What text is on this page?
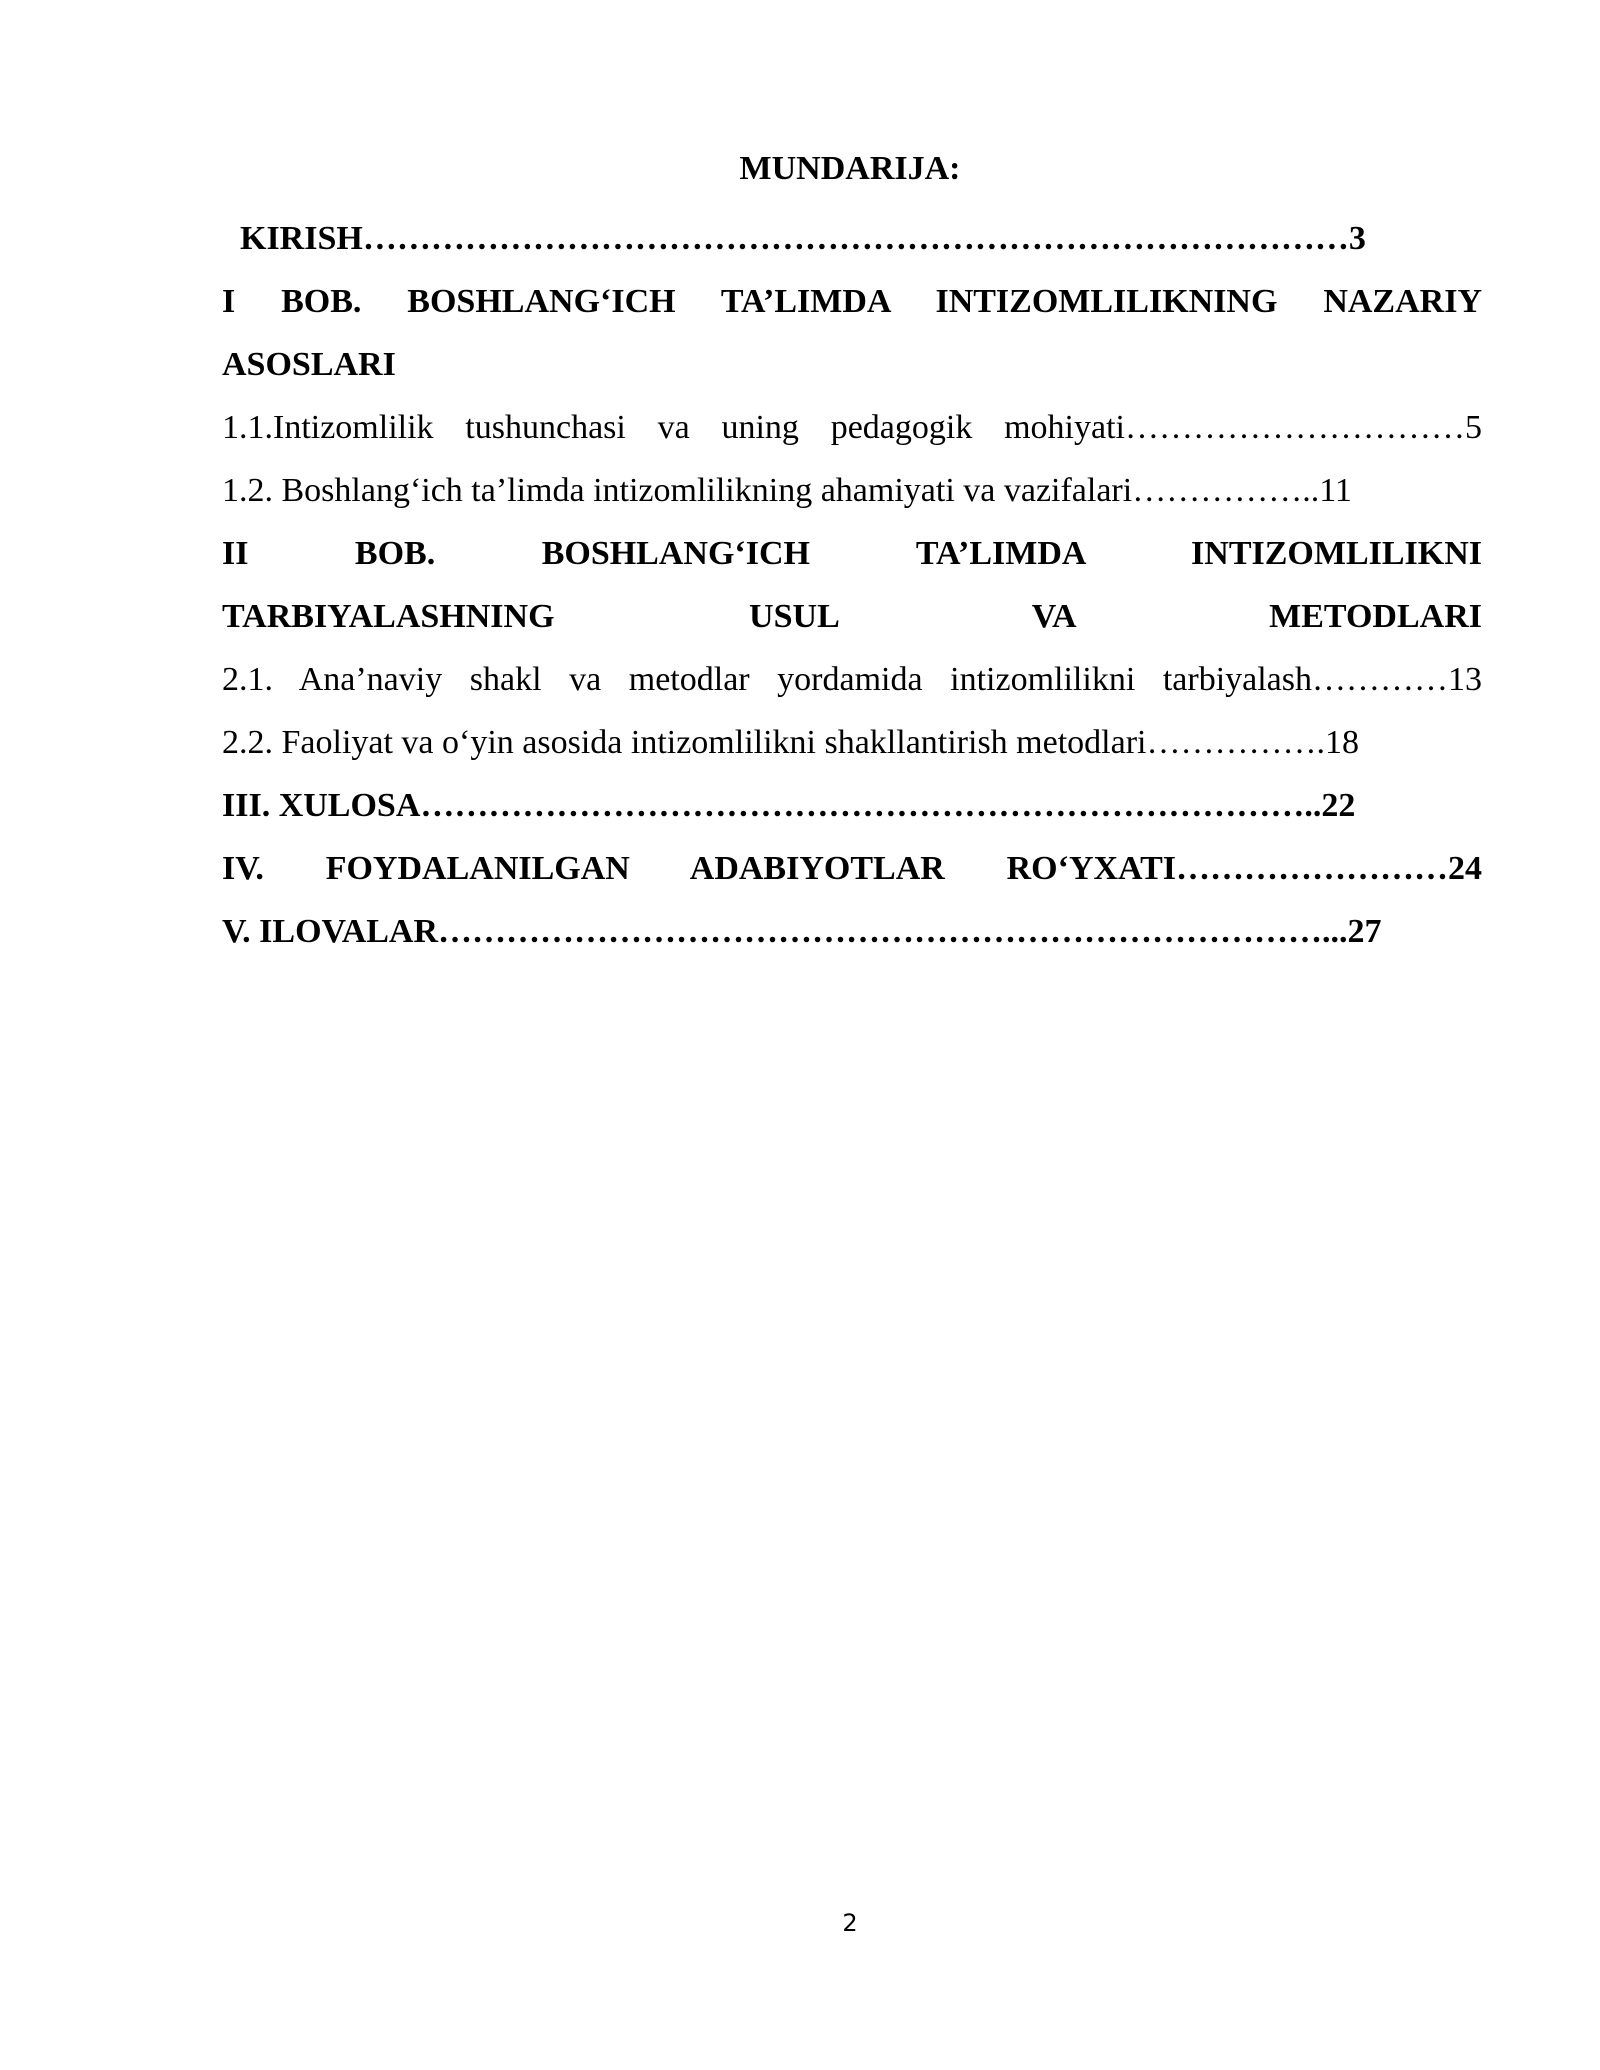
MUNDARIJA:
KIRISH……………………………………………………………………………3
I BOB. BOSHLANG‘ICH TA’LIMDA INTIZOMLILIKNING NAZARIY
ASOSLARI
1.1.Intizomlilik tushunchasi va uning pedagogik mohiyati…………………………5
1.2. Boshlang‘ich ta’limda intizomlilikning ahamiyati va vazifalari……………..11
II BOB. BOSHLANG‘ICH TA’LIMDA INTIZOMLILIKNI
TARBIYALASHNING USUL VA METODLARI
2.1. Ana’naviy shakl va metodlar yordamida intizomlilikni tarbiyalash…………13
2.2. Faoliyat va o‘yin asosida intizomlilikni shakllantirish metodlari…………….18
III. XULOSA……………………………………………………………………..22
IV. FOYDALANILGAN ADABIYOTLAR RO‘YXATI……………………24
V. ILOVALAR……………………………………………………………………...27
2
